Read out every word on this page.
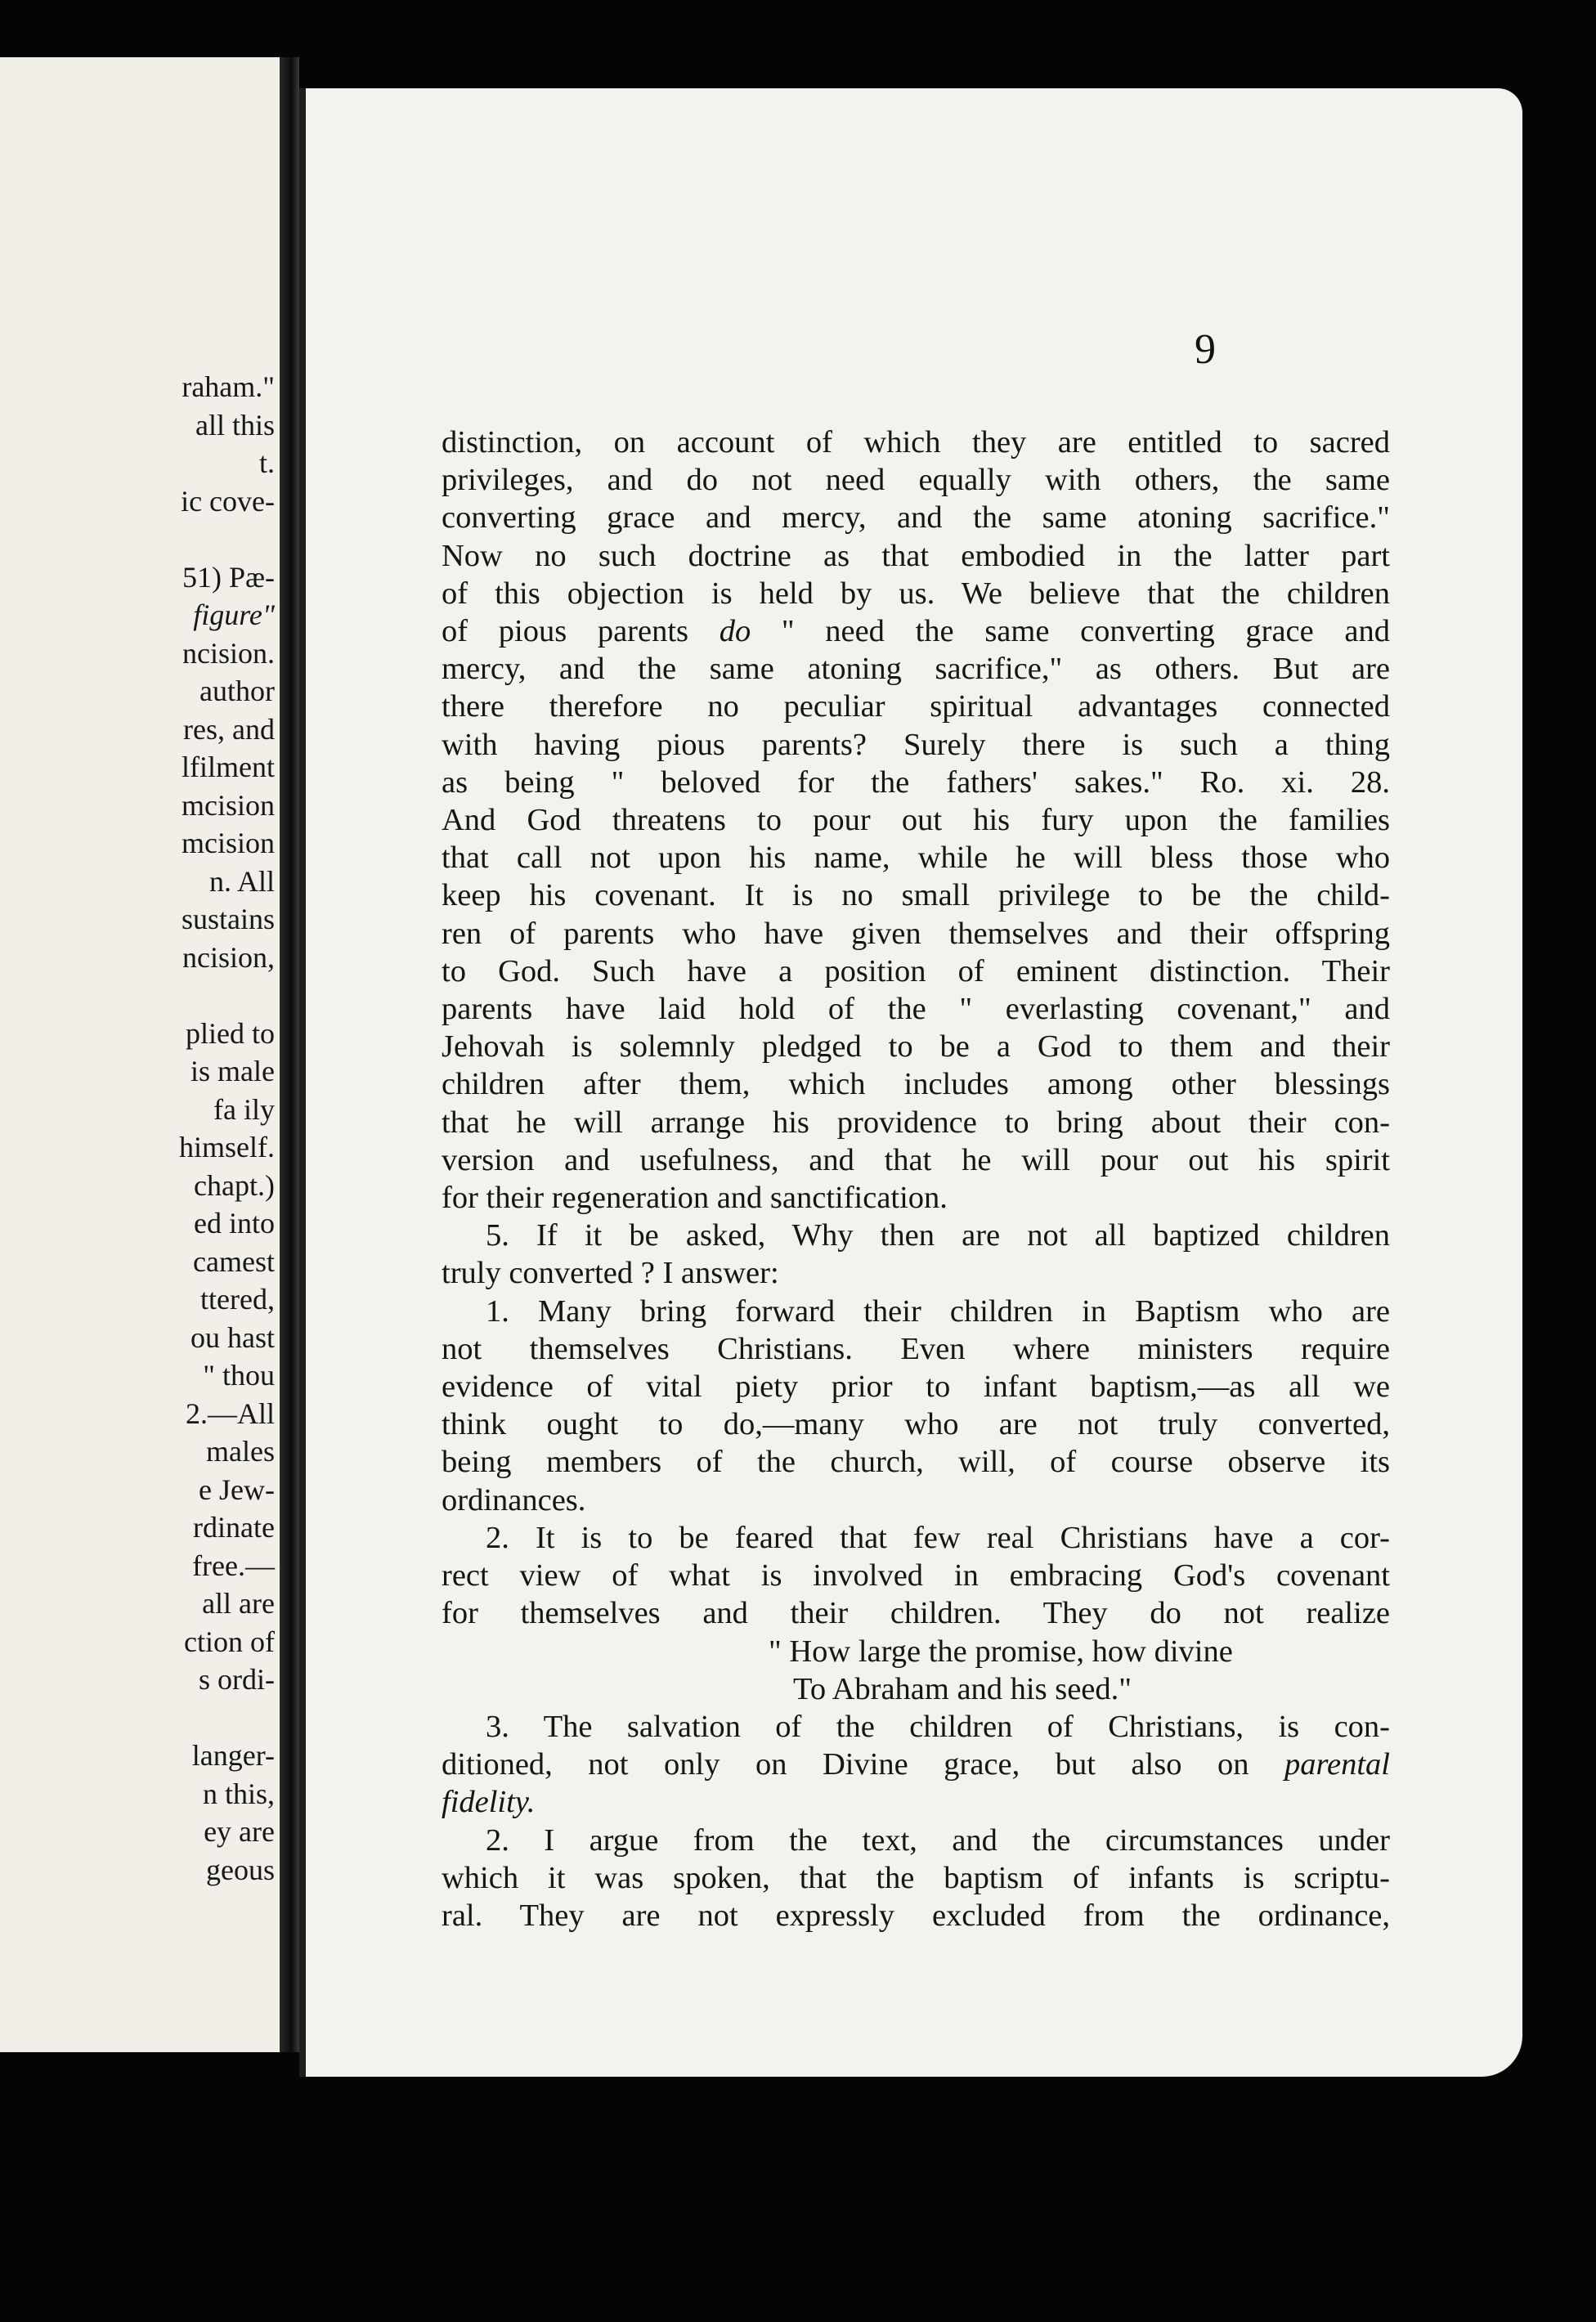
raham."
all this
t.
ic cove-
51) Pæ-
figure"
ncision.
author
res, and
lfilment
mcision
mcision
n. All
sustains
ncision,
plied to
is male
fa ily
himself.
chapt.)
ed into
camest
ttered,
ou hast
" thou
2.—All
males
e Jew-
rdinate
free.—
all are
ction of
s ordi-
langer-
n this,
ey are
geous
9
distinction, on account of which they are entitled to sacred
privileges, and do not need equally with others, the same
converting grace and mercy, and the same atoning sacrifice."
Now no such doctrine as that embodied in the latter part
of this objection is held by us. We believe that the children
of pious parents do " need the same converting grace and
mercy, and the same atoning sacrifice," as others. But are
there therefore no peculiar spiritual advantages connected
with having pious parents? Surely there is such a thing
as being " beloved for the fathers' sakes." Ro. xi. 28.
And God threatens to pour out his fury upon the families
that call not upon his name, while he will bless those who
keep his covenant. It is no small privilege to be the child-
ren of parents who have given themselves and their offspring
to God. Such have a position of eminent distinction. Their
parents have laid hold of the " everlasting covenant," and
Jehovah is solemnly pledged to be a God to them and their
children after them, which includes among other blessings
that he will arrange his providence to bring about their con-
version and usefulness, and that he will pour out his spirit
for their regeneration and sanctification.
5. If it be asked, Why then are not all baptized children
truly converted ? I answer:
1. Many bring forward their children in Baptism who are
not themselves Christians. Even where ministers require
evidence of vital piety prior to infant baptism,—as all we
think ought to do,—many who are not truly converted,
being members of the church, will, of course observe its
ordinances.
2. It is to be feared that few real Christians have a cor-
rect view of what is involved in embracing God's covenant
for themselves and their children. They do not realize
" How large the promise, how divine
To Abraham and his seed."
3. The salvation of the children of Christians, is con-
ditioned, not only on Divine grace, but also on parental
fidelity.
2. I argue from the text, and the circumstances under
which it was spoken, that the baptism of infants is scriptu-
ral. They are not expressly excluded from the ordinance,
